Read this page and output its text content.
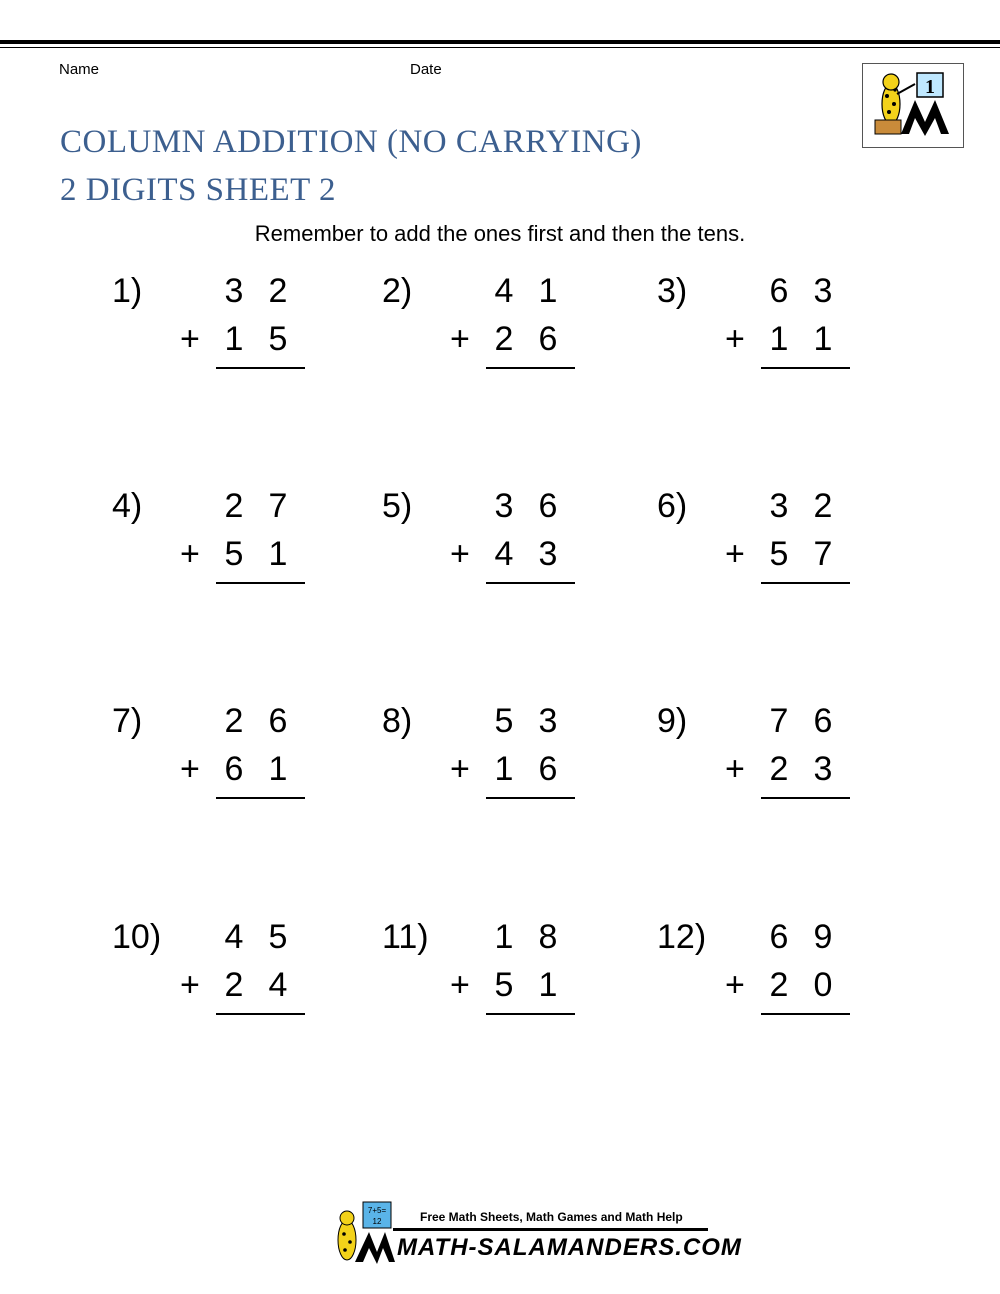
Name	Date
1
COLUMN ADDITION (NO CARRYING)
2 DIGITS SHEET 2
Remember to add the ones first and then the tens.
1) 3 2
+ 1 5
2) 4 1
+ 2 6
3) 6 3
+ 1 1
4) 2 7
+ 5 1
5) 3 6
+ 4 3
6) 3 2
+ 5 7
7) 2 6
+ 6 1
8) 5 3
+ 1 6
9) 7 6
+ 2 3
10) 4 5
+ 2 4
11) 1 8
+ 5 1
12) 6 9
+ 2 0
7+5=
12	Free Math Sheets, Math Games and Math Help
MATH-SALAMANDERS.COM
